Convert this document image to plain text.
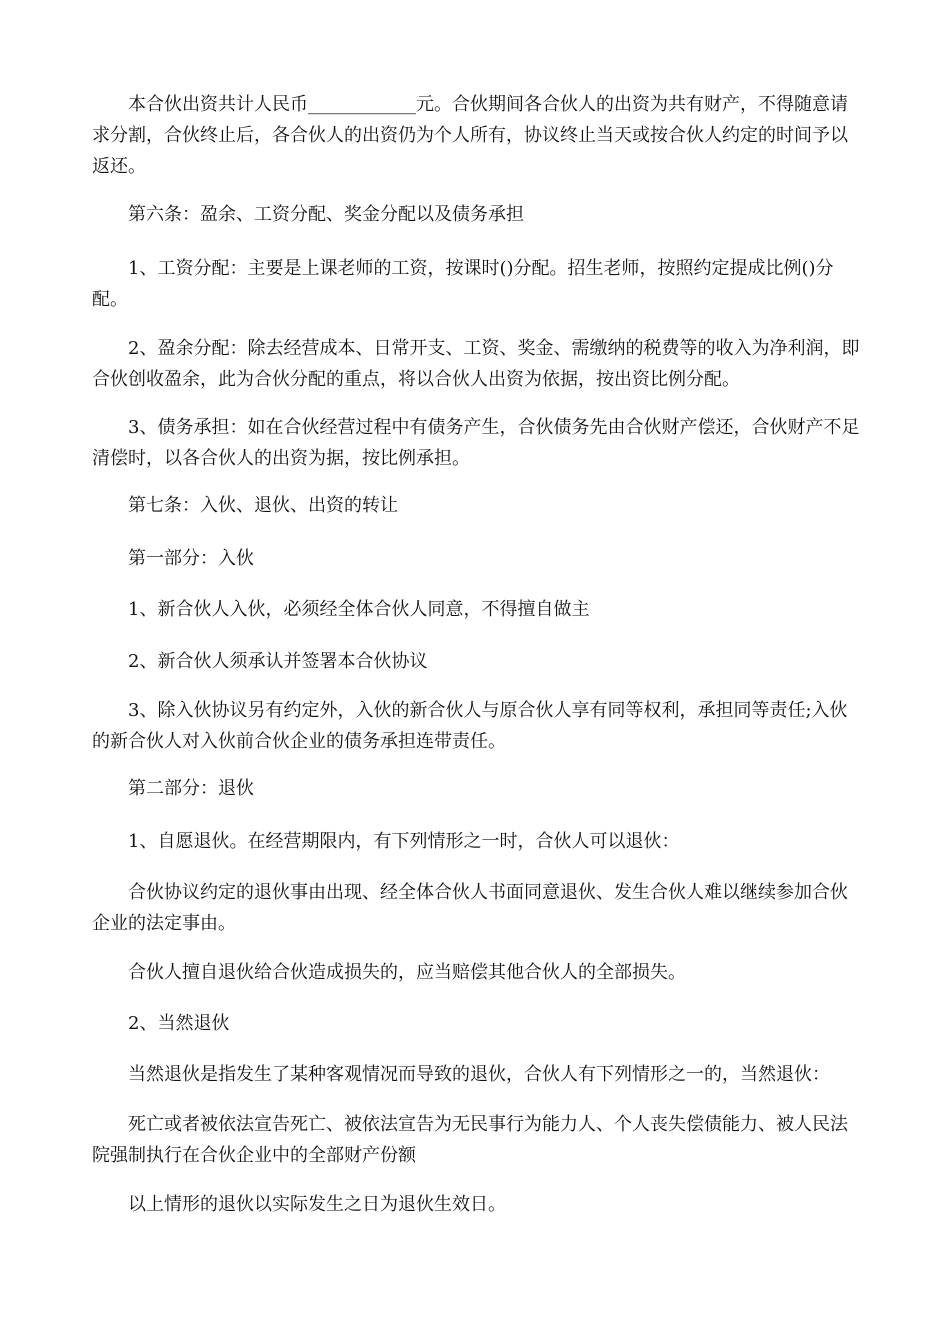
本合伙出资共计人民币____________元。合伙期间各合伙人的出资为共有财产，不得随意请求分割，合伙终止后，各合伙人的出资仍为个人所有，协议终止当天或按合伙人约定的时间予以返还。

第六条：盈余、工资分配、奖金分配以及债务承担

1、工资分配：主要是上课老师的工资，按课时()分配。招生老师，按照约定提成比例()分配。

2、盈余分配：除去经营成本、日常开支、工资、奖金、需缴纳的税费等的收入为净利润，即合伙创收盈余，此为合伙分配的重点，将以合伙人出资为依据，按出资比例分配。

3、债务承担：如在合伙经营过程中有债务产生，合伙债务先由合伙财产偿还，合伙财产不足清偿时，以各合伙人的出资为据，按比例承担。

第七条：入伙、退伙、出资的转让

第一部分：入伙

1、新合伙人入伙，必须经全体合伙人同意，不得擅自做主

2、新合伙人须承认并签署本合伙协议

3、除入伙协议另有约定外，入伙的新合伙人与原合伙人享有同等权利，承担同等责任;入伙的新合伙人对入伙前合伙企业的债务承担连带责任。

第二部分：退伙

1、自愿退伙。在经营期限内，有下列情形之一时，合伙人可以退伙：

合伙协议约定的退伙事由出现、经全体合伙人书面同意退伙、发生合伙人难以继续参加合伙企业的法定事由。

合伙人擅自退伙给合伙造成损失的，应当赔偿其他合伙人的全部损失。

2、当然退伙

当然退伙是指发生了某种客观情况而导致的退伙，合伙人有下列情形之一的，当然退伙：

死亡或者被依法宣告死亡、被依法宣告为无民事行为能力人、个人丧失偿债能力、被人民法院强制执行在合伙企业中的全部财产份额

以上情形的退伙以实际发生之日为退伙生效日。
